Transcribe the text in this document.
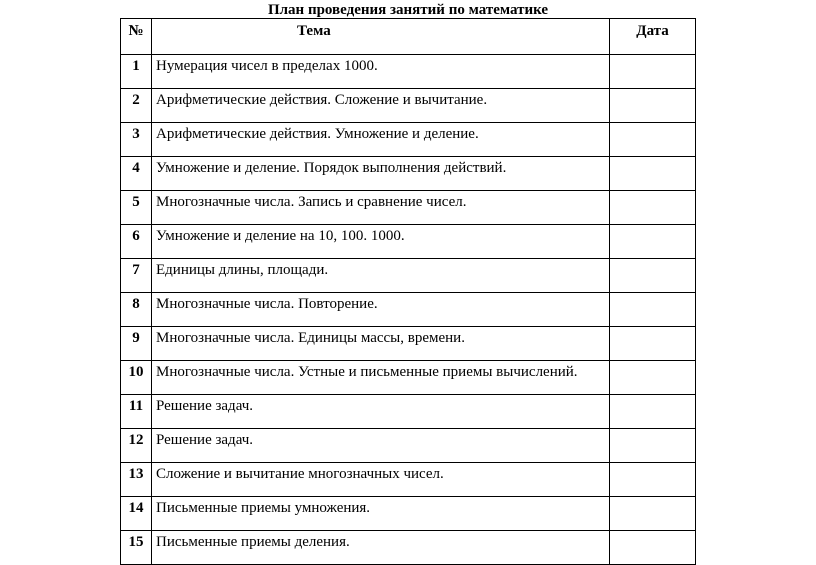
План проведения занятий по математике
№	Тема	Дата
1	Нумерация чисел в пределах 1000.	
2	Арифметические действия. Сложение и вычитание.	
3	Арифметические действия. Умножение и деление.	
4	Умножение и деление. Порядок выполнения действий.	
5	Многозначные числа. Запись и сравнение чисел.	
6	Умножение и деление на 10, 100. 1000.	
7	Единицы длины, площади.	
8	Многозначные числа. Повторение.	
9	Многозначные числа. Единицы массы, времени.	
10	Многозначные числа. Устные и письменные приемы вычислений.	
11	Решение задач.	
12	Решение задач.	
13	Сложение и вычитание многозначных чисел.	
14	Письменные приемы умножения.	
15	Письменные приемы деления.	
